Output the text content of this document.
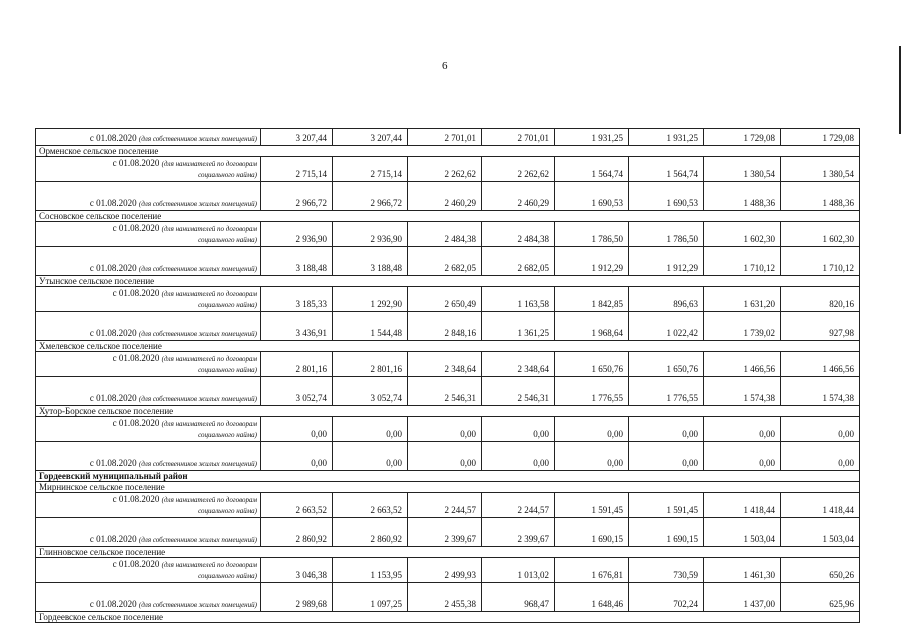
6
с 01.08.2020 (для собственников жилых помещений)	3 207,44	3 207,44	2 701,01	2 701,01	1 931,25	1 931,25	1 729,08	1 729,08
Орменское сельское поселение								
с 01.08.2020 (для нанимателей по договорам
социального найма)	2 715,14	2 715,14	2 262,62	2 262,62	1 564,74	1 564,74	1 380,54	1 380,54
с 01.08.2020 (для собственников жилых помещений)	2 966,72	2 966,72	2 460,29	2 460,29	1 690,53	1 690,53	1 488,36	1 488,36
Сосновское сельское поселение								
с 01.08.2020 (для нанимателей по договорам
социального найма)	2 936,90	2 936,90	2 484,38	2 484,38	1 786,50	1 786,50	1 602,30	1 602,30
с 01.08.2020 (для собственников жилых помещений)	3 188,48	3 188,48	2 682,05	2 682,05	1 912,29	1 912,29	1 710,12	1 710,12
Утынское сельское поселение								
с 01.08.2020 (для нанимателей по договорам
социального найма)	3 185,33	1 292,90	2 650,49	1 163,58	1 842,85	896,63	1 631,20	820,16
с 01.08.2020 (для собственников жилых помещений)	3 436,91	1 544,48	2 848,16	1 361,25	1 968,64	1 022,42	1 739,02	927,98
Хмелевское сельское поселение								
с 01.08.2020 (для нанимателей по договорам
социального найма)	2 801,16	2 801,16	2 348,64	2 348,64	1 650,76	1 650,76	1 466,56	1 466,56
с 01.08.2020 (для собственников жилых помещений)	3 052,74	3 052,74	2 546,31	2 546,31	1 776,55	1 776,55	1 574,38	1 574,38
Хутор-Борское сельское поселение								
с 01.08.2020 (для нанимателей по договорам
социального найма)	0,00	0,00	0,00	0,00	0,00	0,00	0,00	0,00
с 01.08.2020 (для собственников жилых помещений)	0,00	0,00	0,00	0,00	0,00	0,00	0,00	0,00
Гордеевский муниципальный район								
Мирнинское сельское поселение								
с 01.08.2020 (для нанимателей по договорам
социального найма)	2 663,52	2 663,52	2 244,57	2 244,57	1 591,45	1 591,45	1 418,44	1 418,44
с 01.08.2020 (для собственников жилых помещений)	2 860,92	2 860,92	2 399,67	2 399,67	1 690,15	1 690,15	1 503,04	1 503,04
Глинновское сельское поселение								
с 01.08.2020 (для нанимателей по договорам
социального найма)	3 046,38	1 153,95	2 499,93	1 013,02	1 676,81	730,59	1 461,30	650,26
с 01.08.2020 (для собственников жилых помещений)	2 989,68	1 097,25	2 455,38	968,47	1 648,46	702,24	1 437,00	625,96
Гордеевское сельское поселение								
